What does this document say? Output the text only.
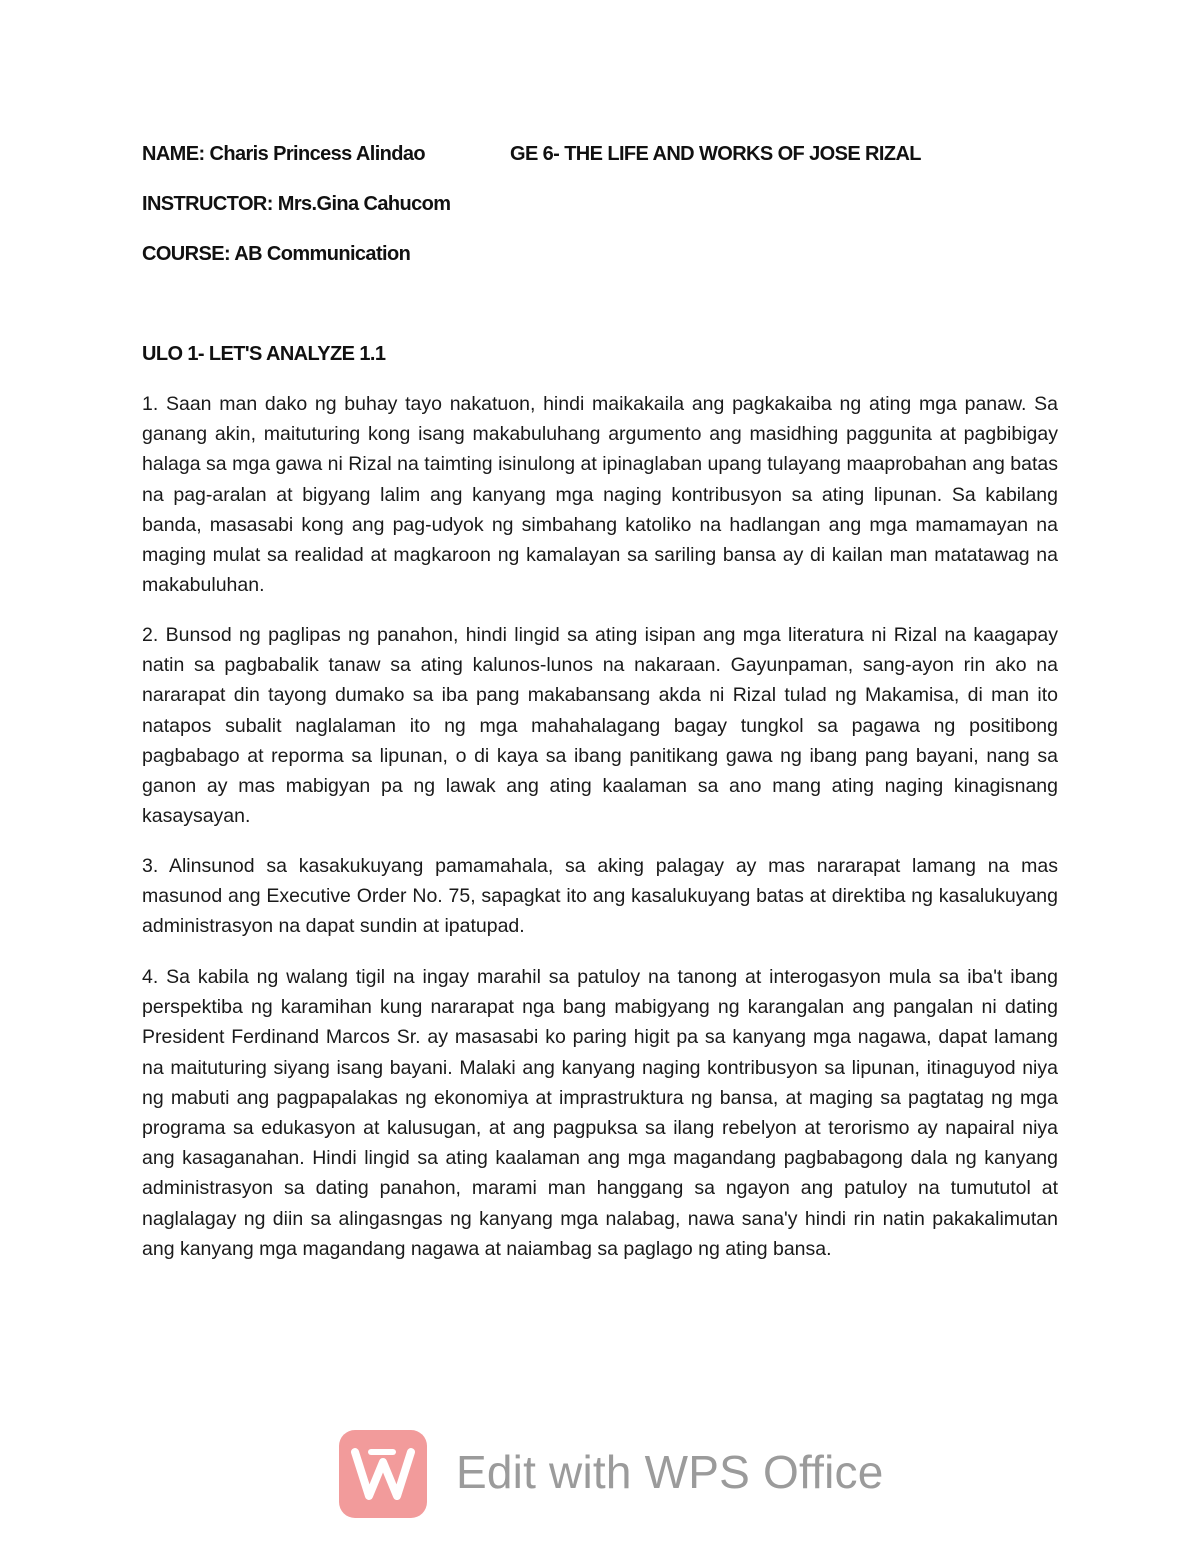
NAME: Charis Princess Alindao	GE 6- THE LIFE AND WORKS OF JOSE RIZAL
INSTRUCTOR: Mrs.Gina Cahucom
COURSE: AB Communication
ULO 1- LET'S ANALYZE 1.1

1. Saan man dako ng buhay tayo nakatuon, hindi maikakaila ang pagkakaiba ng ating mga panaw. Sa ganang akin, maituturing kong isang makabuluhang argumento ang masidhing paggunita at pagbibigay halaga sa mga gawa ni Rizal na taimting isinulong at ipinaglaban upang tulayang maaprobahan ang batas na pag-aralan at bigyang lalim ang kanyang mga naging kontribusyon sa ating lipunan. Sa kabilang banda, masasabi kong ang pag-udyok ng simbahang katoliko na hadlangan ang mga mamamayan na maging mulat sa realidad at magkaroon ng kamalayan sa sariling bansa ay di kailan man matatawag na makabuluhan.

2. Bunsod ng paglipas ng panahon, hindi lingid sa ating isipan ang mga literatura ni Rizal na kaagapay natin sa pagbabalik tanaw sa ating kalunos-lunos na nakaraan. Gayunpaman, sang-ayon rin ako na nararapat din tayong dumako sa iba pang makabansang akda ni Rizal tulad ng Makamisa, di man ito natapos subalit naglalaman ito ng mga mahahalagang bagay tungkol sa pagawa ng positibong pagbabago at reporma sa lipunan, o di kaya sa ibang panitikang gawa ng ibang pang bayani, nang sa ganon ay mas mabigyan pa ng lawak ang ating kaalaman sa ano mang ating naging kinagisnang kasaysayan.

3. Alinsunod sa kasakukuyang pamamahala, sa aking palagay ay mas nararapat lamang na mas masunod ang Executive Order No. 75, sapagkat ito ang kasalukuyang batas at direktiba ng kasalukuyang administrasyon na dapat sundin at ipatupad.

4. Sa kabila ng walang tigil na ingay marahil sa patuloy na tanong at interogasyon mula sa iba't ibang perspektiba ng karamihan kung nararapat nga bang mabigyang ng karangalan ang pangalan ni dating President Ferdinand Marcos Sr. ay masasabi ko paring higit pa sa kanyang mga nagawa, dapat lamang na maituturing siyang isang bayani. Malaki ang kanyang naging kontribusyon sa lipunan, itinaguyod niya ng mabuti ang pagpapalakas ng ekonomiya at imprastruktura ng bansa, at maging sa pagtatag ng mga programa sa edukasyon at kalusugan, at ang pagpuksa sa ilang rebelyon at terorismo ay napairal niya ang kasaganahan. Hindi lingid sa ating kaalaman ang mga magandang pagbabagong dala ng kanyang administrasyon sa dating panahon, marami man hanggang sa ngayon ang patuloy na tumututol at naglalagay ng diin sa alingasngas ng kanyang mga nalabag, nawa sana'y hindi rin natin pakakalimutan ang kanyang mga magandang nagawa at naiambag sa paglago ng ating bansa.

Edit with WPS Office
